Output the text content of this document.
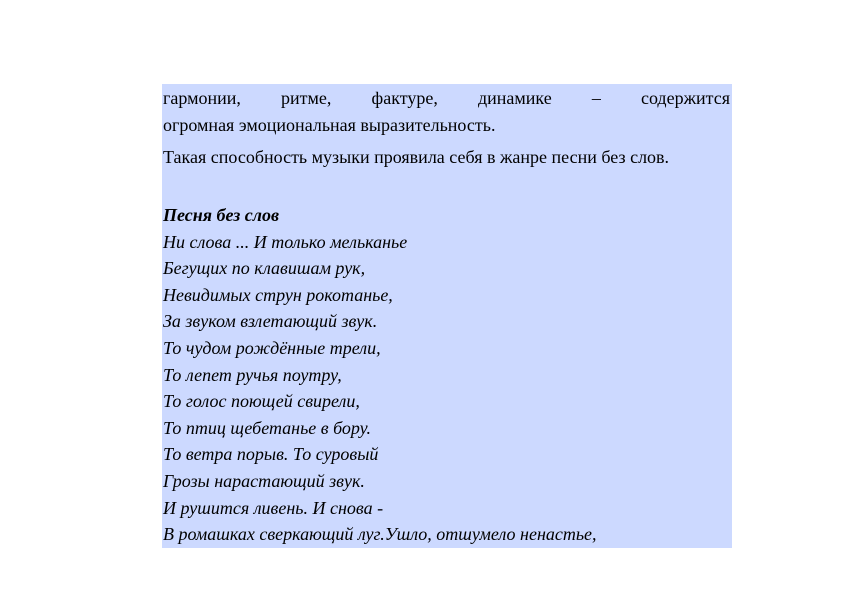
гармонии, ритме, фактуре, динамике – содержится
огромная эмоциональная выразительность.

Такая способность музыки проявила себя в жанре песни без слов.

Песня без слов
Ни слова ... И только мельканье
Бегущих по клавишам рук,
Невидимых струн рокотанье,
За звуком взлетающий звук.
То чудом рождённые трели,
То лепет ручья поутру,
То голос поющей свирели,
То птиц щебетанье в бору.
То ветра порыв. То суровый
Грозы нарастающий звук.
И рушится ливень. И снова -
В ромашках сверкающий луг.Ушло, отшумело ненастье,
